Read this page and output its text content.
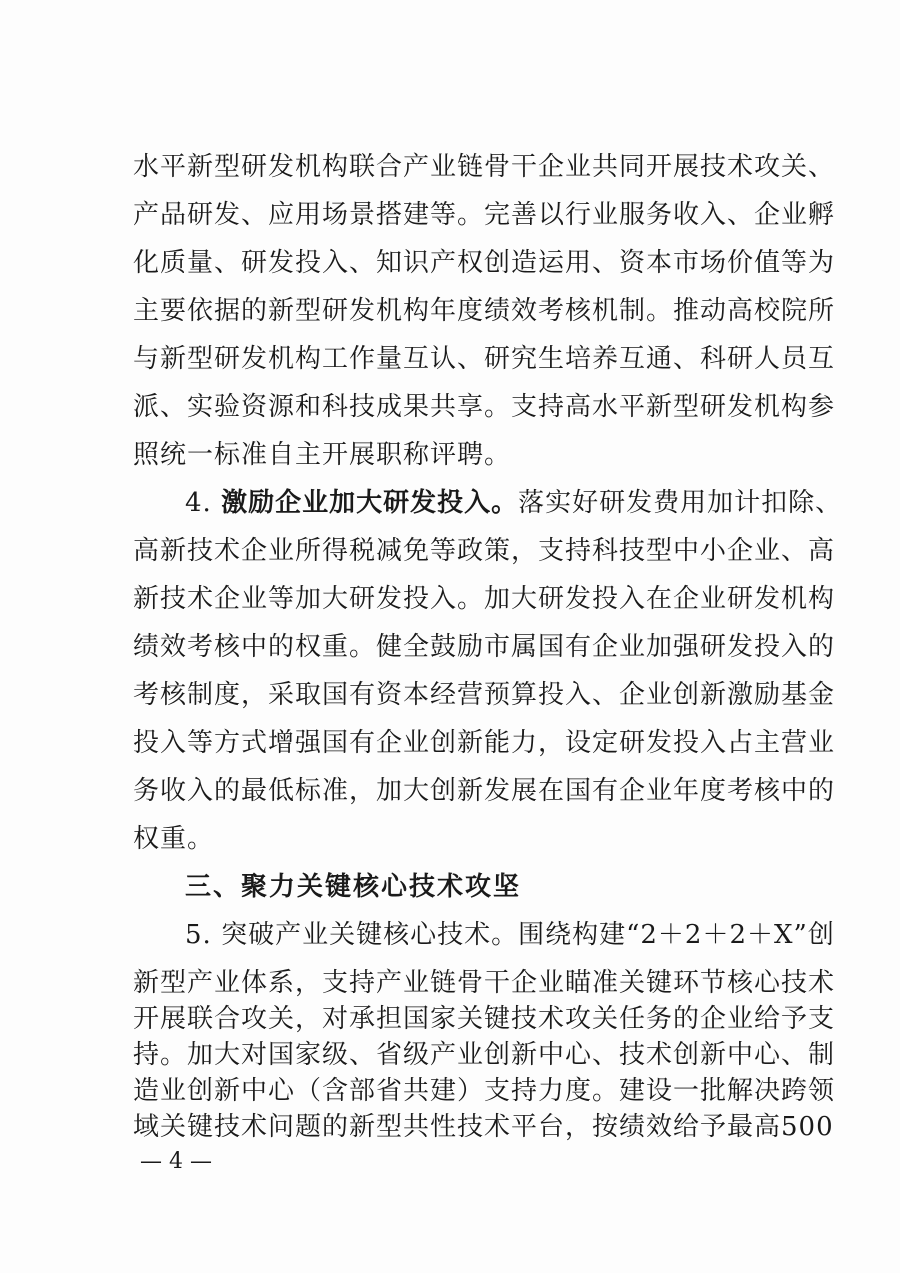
水平新型研发机构联合产业链骨干企业共同开展技术攻关、
产品研发、应用场景搭建等。完善以行业服务收入、企业孵
化质量、研发投入、知识产权创造运用、资本市场价值等为
主要依据的新型研发机构年度绩效考核机制。推动高校院所
与新型研发机构工作量互认、研究生培养互通、科研人员互
派、实验资源和科技成果共享。支持高水平新型研发机构参
照统一标准自主开展职称评聘。
4. 激励企业加大研发投入。落实好研发费用加计扣除、
高新技术企业所得税减免等政策，支持科技型中小企业、高
新技术企业等加大研发投入。加大研发投入在企业研发机构
绩效考核中的权重。健全鼓励市属国有企业加强研发投入的
考核制度，采取国有资本经营预算投入、企业创新激励基金
投入等方式增强国有企业创新能力，设定研发投入占主营业
务收入的最低标准，加大创新发展在国有企业年度考核中的
权重。
三、聚力关键核心技术攻坚
5. 突破产业关键核心技术。围绕构建“2＋2＋2＋X”创
新型产业体系，支持产业链骨干企业瞄准关键环节核心技术
开展联合攻关，对承担国家关键技术攻关任务的企业给予支
持。加大对国家级、省级产业创新中心、技术创新中心、制
造业创新中心（含部省共建）支持力度。建设一批解决跨领
— 4 —
域关键技术问题的新型共性技术平台，按绩效给予最高500
